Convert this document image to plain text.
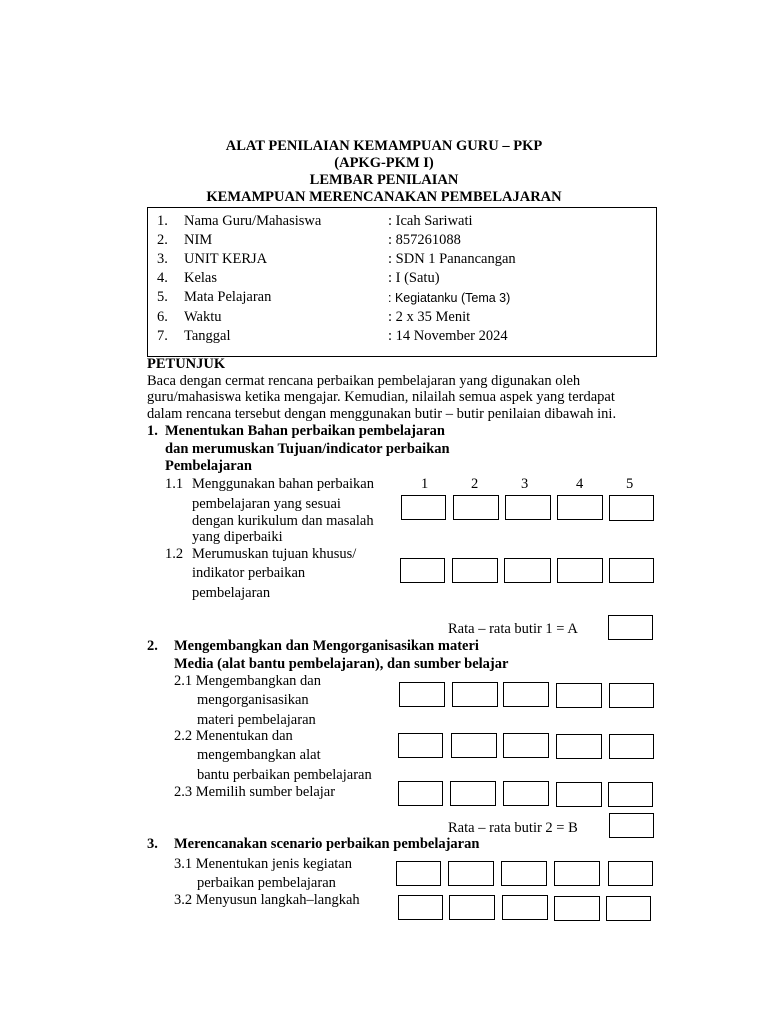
ALAT PENILAIAN KEMAMPUAN GURU – PKP
(APKG-PKM I)
LEMBAR PENILAIAN
KEMAMPUAN MERENCANAKAN PEMBELAJARAN
1. Nama Guru/Mahasiswa	: Icah Sariwati
2. NIM	: 857261088
3. UNIT KERJA	: SDN 1 Panancangan
4. Kelas	: I (Satu)
5. Mata Pelajaran	: Kegiatanku (Tema 3)
6. Waktu	: 2 x 35 Menit
7. Tanggal	: 14 November 2024
PETUNJUK
Baca dengan cermat rencana perbaikan pembelajaran yang digunakan oleh
guru/mahasiswa ketika mengajar. Kemudian, nilailah semua aspek yang terdapat
dalam rencana tersebut dengan menggunakan butir – butir penilaian dibawah ini.
1. Menentukan Bahan perbaikan pembelajaran
dan merumuskan Tujuan/indicator perbaikan
Pembelajaran
1	2	3	4	5
1.1 Menggunakan bahan perbaikan
pembelajaran yang sesuai
dengan kurikulum dan masalah
yang diperbaiki
1.2 Merumuskan tujuan khusus/
indikator perbaikan
pembelajaran
Rata – rata butir 1 = A
2. Mengembangkan dan Mengorganisasikan materi
Media (alat bantu pembelajaran), dan sumber belajar
2.1 Mengembangkan dan
mengorganisasikan
materi pembelajaran
2.2 Menentukan dan
mengembangkan alat
bantu perbaikan pembelajaran
2.3 Memilih sumber belajar
Rata – rata butir 2 = B
3. Merencanakan scenario perbaikan pembelajaran
3.1 Menentukan jenis kegiatan
perbaikan pembelajaran
3.2 Menyusun langkah–langkah
